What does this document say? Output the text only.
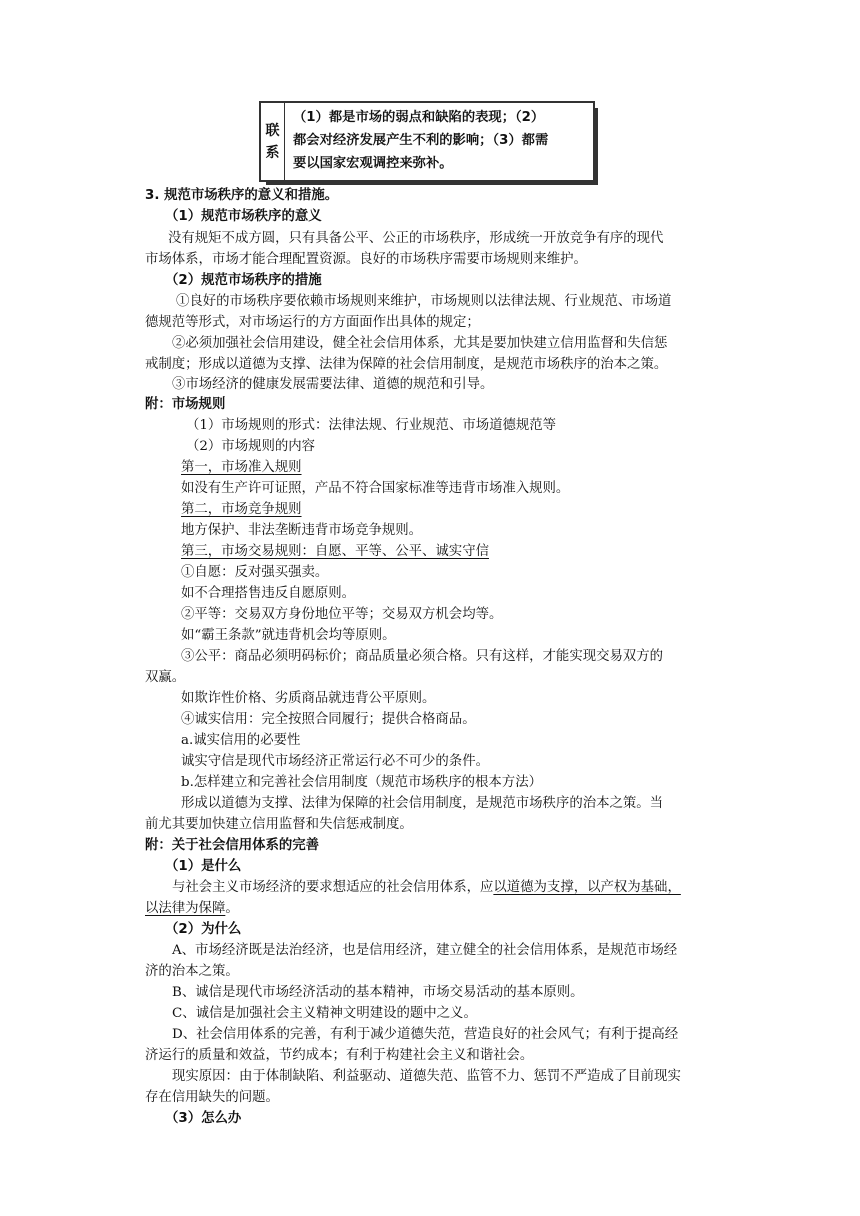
联
系
（1）都是市场的弱点和缺陷的表现；（2）
都会对经济发展产生不利的影响；（3）都需
要以国家宏观调控来弥补。
3. 规范市场秩序的意义和措施。
（1）规范市场秩序的意义
没有规矩不成方圆，只有具备公平、公正的市场秩序，形成统一开放竞争有序的现代
市场体系，市场才能合理配置资源。良好的市场秩序需要市场规则来维护。
（2）规范市场秩序的措施
①良好的市场秩序要依赖市场规则来维护，市场规则以法律法规、行业规范、市场道
德规范等形式，对市场运行的方方面面作出具体的规定；
②必须加强社会信用建设，健全社会信用体系，尤其是要加快建立信用监督和失信惩
戒制度；形成以道德为支撑、法律为保障的社会信用制度，是规范市场秩序的治本之策。
③市场经济的健康发展需要法律、道德的规范和引导。
附：市场规则
（1）市场规则的形式：法律法规、行业规范、市场道德规范等
（2）市场规则的内容
第一，市场准入规则
如没有生产许可证照，产品不符合国家标准等违背市场准入规则。
第二，市场竞争规则
地方保护、非法垄断违背市场竞争规则。
第三，市场交易规则：自愿、平等、公平、诚实守信
①自愿：反对强买强卖。
如不合理搭售违反自愿原则。
②平等：交易双方身份地位平等；交易双方机会均等。
如“霸王条款”就违背机会均等原则。
③公平：商品必须明码标价；商品质量必须合格。只有这样，才能实现交易双方的
双赢。
如欺诈性价格、劣质商品就违背公平原则。
④诚实信用：完全按照合同履行；提供合格商品。
a.诚实信用的必要性
诚实守信是现代市场经济正常运行必不可少的条件。
b.怎样建立和完善社会信用制度（规范市场秩序的根本方法）
形成以道德为支撑、法律为保障的社会信用制度，是规范市场秩序的治本之策。当
前尤其要加快建立信用监督和失信惩戒制度。
附：关于社会信用体系的完善
（1）是什么
与社会主义市场经济的要求想适应的社会信用体系，应以道德为支撑，以产权为基础，
以法律为保障。
（2）为什么
A、市场经济既是法治经济，也是信用经济，建立健全的社会信用体系，是规范市场经
济的治本之策。
B、诚信是现代市场经济活动的基本精神，市场交易活动的基本原则。
C、诚信是加强社会主义精神文明建设的题中之义。
D、社会信用体系的完善，有利于减少道德失范，营造良好的社会风气；有利于提高经
济运行的质量和效益，节约成本；有利于构建社会主义和谐社会。
现实原因：由于体制缺陷、利益驱动、道德失范、监管不力、惩罚不严造成了目前现实
存在信用缺失的问题。
（3）怎么办
